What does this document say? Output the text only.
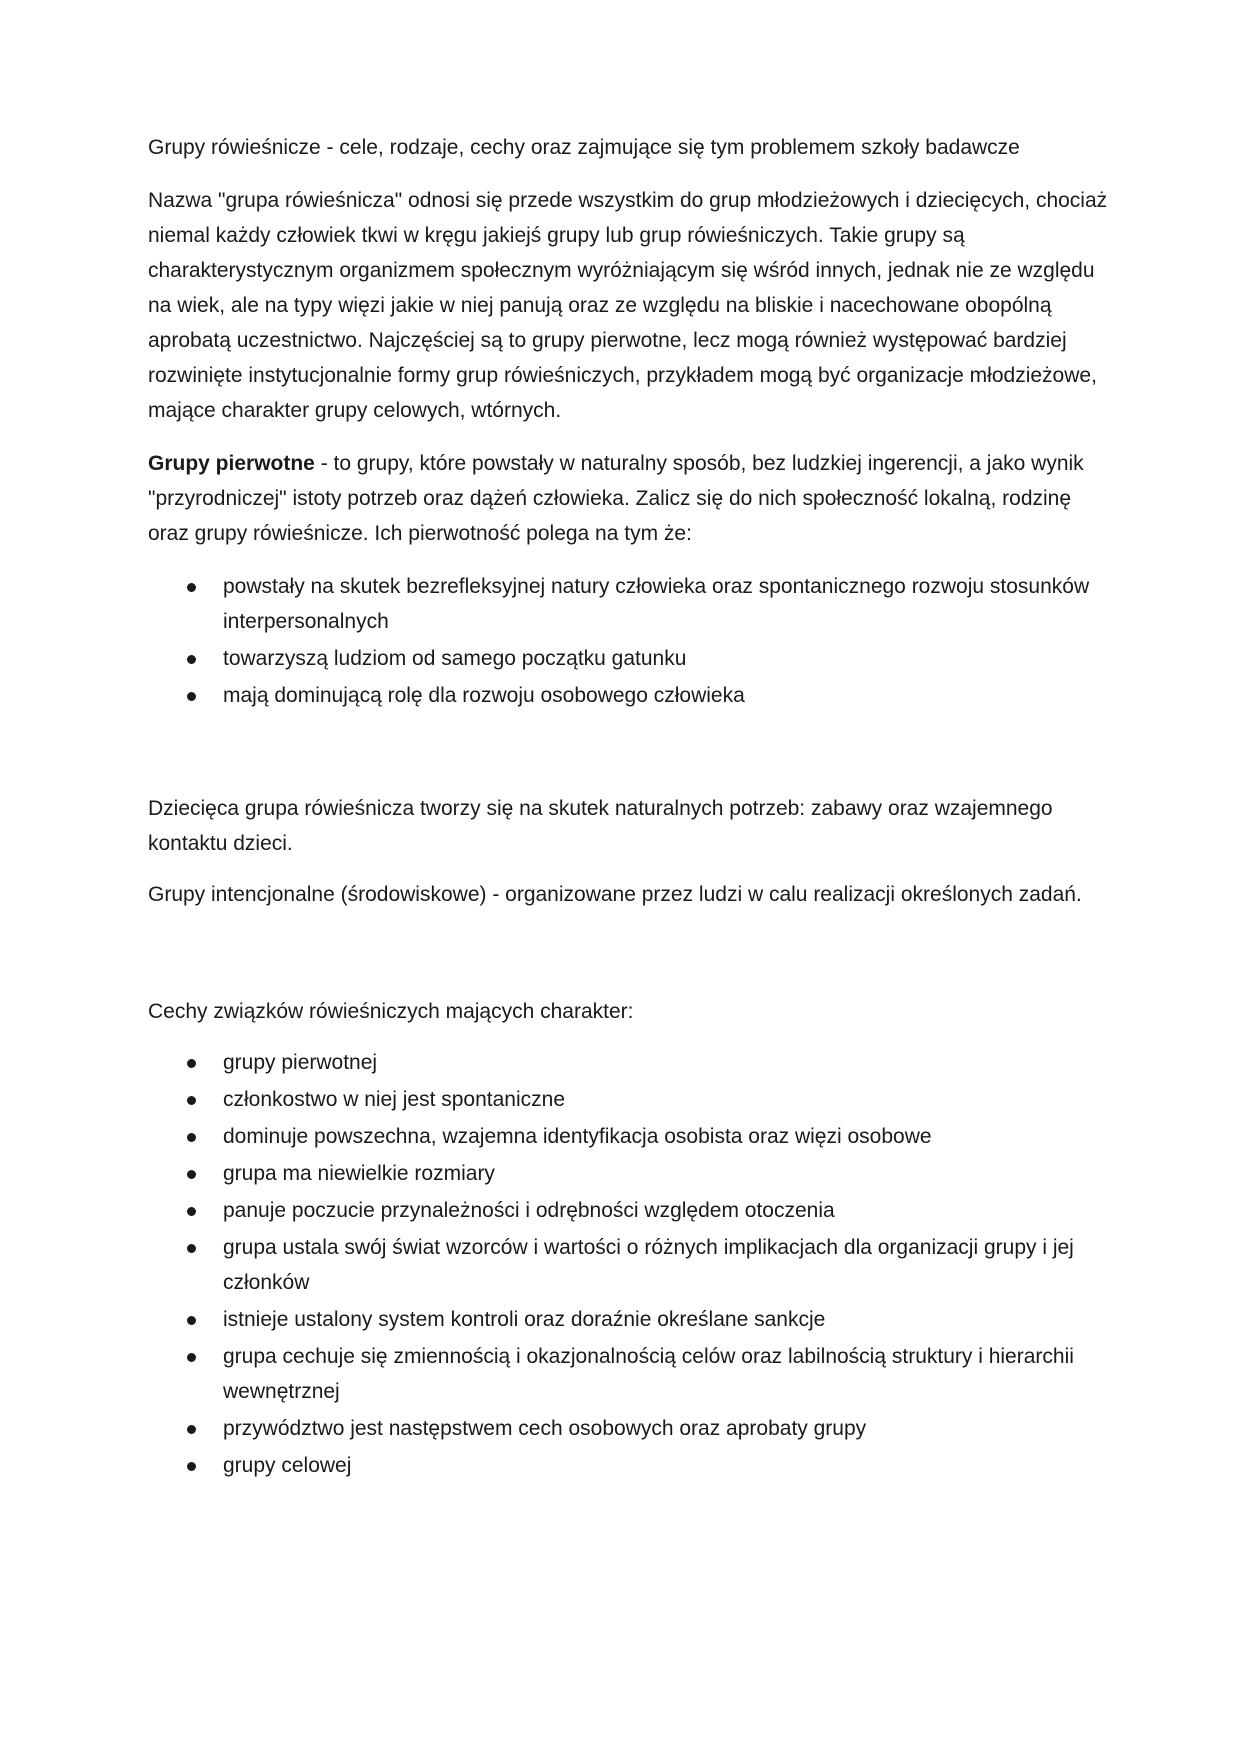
Grupy rówieśnicze - cele, rodzaje, cechy oraz zajmujące się tym problemem szkoły badawcze

Nazwa "grupa rówieśnicza" odnosi się przede wszystkim do grup młodzieżowych i dziecięcych, chociaż niemal każdy człowiek tkwi w kręgu jakiejś grupy lub grup rówieśniczych. Takie grupy są charakterystycznym organizmem społecznym wyróżniającym się wśród innych, jednak nie ze względu na wiek, ale na typy więzi jakie w niej panują oraz ze względu na bliskie i nacechowane obopólną aprobatą uczestnictwo. Najczęściej są to grupy pierwotne, lecz mogą również występować bardziej rozwinięte instytucjonalnie formy grup rówieśniczych, przykładem mogą być organizacje młodzieżowe, mające charakter grupy celowych, wtórnych.

Grupy pierwotne - to grupy, które powstały w naturalny sposób, bez ludzkiej ingerencji, a jako wynik "przyrodniczej" istoty potrzeb oraz dążeń człowieka. Zalicz się do nich społeczność lokalną, rodzinę oraz grupy rówieśnicze. Ich pierwotność polega na tym że:

powstały na skutek bezrefleksyjnej natury człowieka oraz spontanicznego rozwoju stosunków interpersonalnych
towarzyszą ludziom od samego początku gatunku
mają dominującą rolę dla rozwoju osobowego człowieka

Dziecięca grupa rówieśnicza tworzy się na skutek naturalnych potrzeb: zabawy oraz wzajemnego kontaktu dzieci.

Grupy intencjonalne (środowiskowe) - organizowane przez ludzi w calu realizacji określonych zadań.

Cechy związków rówieśniczych mających charakter:

grupy pierwotnej
członkostwo w niej jest spontaniczne
dominuje powszechna, wzajemna identyfikacja osobista oraz więzi osobowe
grupa ma niewielkie rozmiary
panuje poczucie przynależności i odrębności względem otoczenia
grupa ustala swój świat wzorców i wartości o różnych implikacjach dla organizacji grupy i jej członków
istnieje ustalony system kontroli oraz doraźnie określane sankcje
grupa cechuje się zmiennością i okazjonalnością celów oraz labilnością struktury i hierarchii wewnętrznej
przywództwo jest następstwem cech osobowych oraz aprobaty grupy
grupy celowej
